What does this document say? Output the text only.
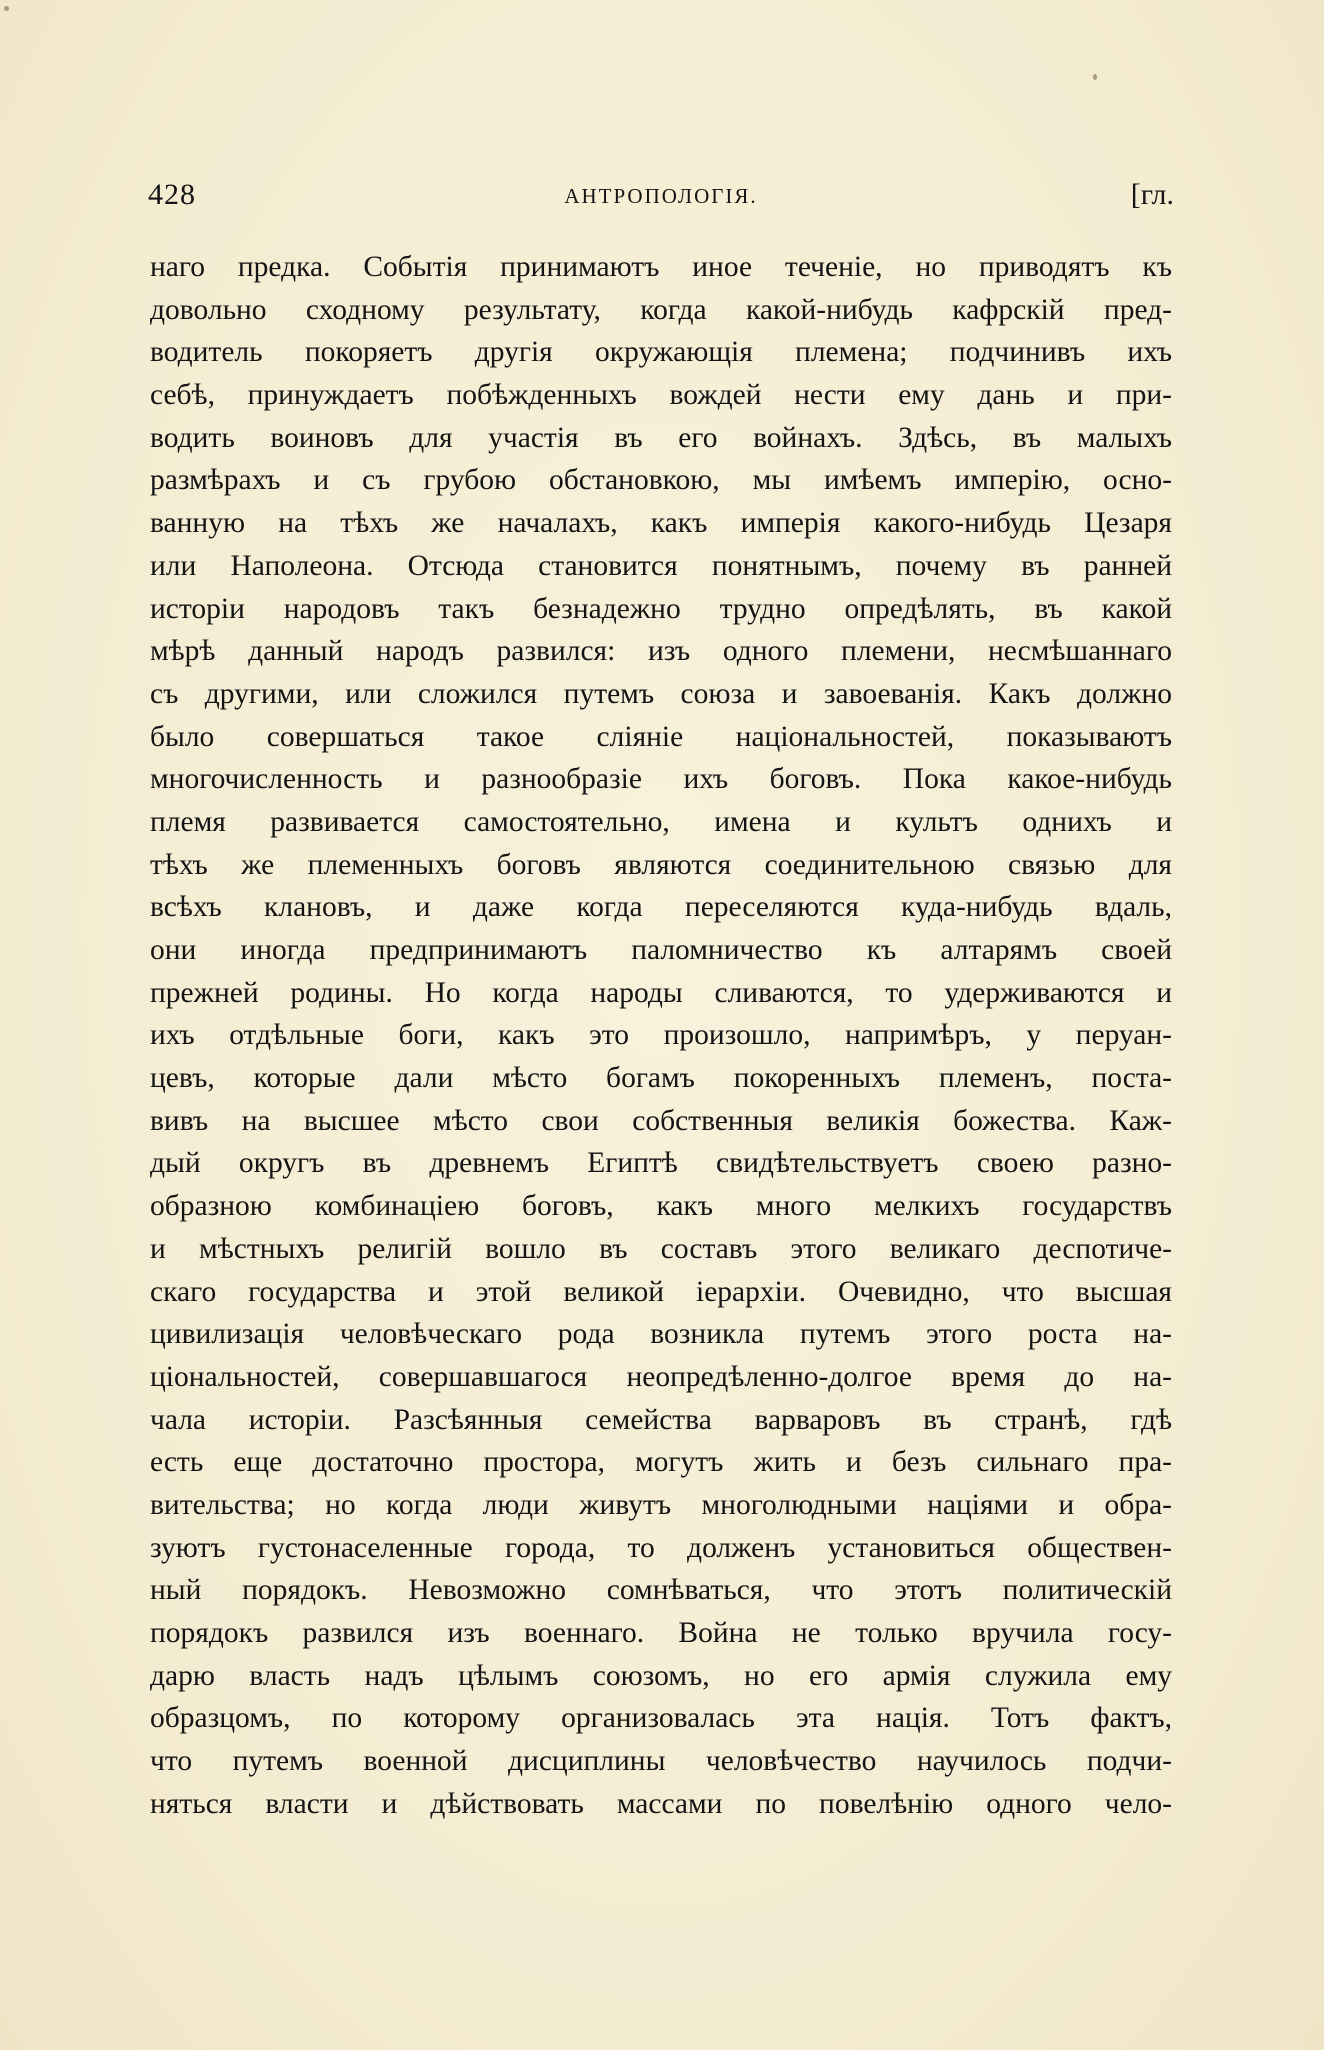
428	АНТРОПОЛОГІЯ.	[гл.
наго предка. Событія принимаютъ иное теченіе, но приводятъ къ
довольно сходному результату, когда какой-нибудь кафрскій пред-
водитель покоряетъ другія окружающія племена; подчинивъ ихъ
себѣ, принуждаетъ побѣжденныхъ вождей нести ему дань и при-
водить воиновъ для участія въ его войнахъ. Здѣсь, въ малыхъ
размѣрахъ и съ грубою обстановкою, мы имѣемъ имперію, осно-
ванную на тѣхъ же началахъ, какъ имперія какого-нибудь Цезаря
или Наполеона. Отсюда становится понятнымъ, почему въ ранней
исторіи народовъ такъ безнадежно трудно опредѣлять, въ какой
мѣрѣ данный народъ развился: изъ одного племени, несмѣшаннаго
съ другими, или сложился путемъ союза и завоеванія. Какъ должно
было совершаться такое сліяніе національностей, показываютъ
многочисленность и разнообразіе ихъ боговъ. Пока какое-нибудь
племя развивается самостоятельно, имена и культъ однихъ и
тѣхъ же племенныхъ боговъ являются соединительною связью для
всѣхъ клановъ, и даже когда переселяются куда-нибудь вдаль,
они иногда предпринимаютъ паломничество къ алтарямъ своей
прежней родины. Но когда народы сливаются, то удерживаются и
ихъ отдѣльные боги, какъ это произошло, напримѣръ, у перуан-
цевъ, которые дали мѣсто богамъ покоренныхъ племенъ, поста-
вивъ на высшее мѣсто свои собственныя великія божества. Каж-
дый округъ въ древнемъ Египтѣ свидѣтельствуетъ своею разно-
образною комбинаціею боговъ, какъ много мелкихъ государствъ
и мѣстныхъ религій вошло въ составъ этого великаго деспотиче-
скаго государства и этой великой іерархіи. Очевидно, что высшая
цивилизація человѣческаго рода возникла путемъ этого роста на-
ціональностей, совершавшагося неопредѣленно-долгое время до на-
чала исторіи. Разсѣянныя семейства варваровъ въ странѣ, гдѣ
есть еще достаточно простора, могутъ жить и безъ сильнаго пра-
вительства; но когда люди живутъ многолюдными націями и обра-
зуютъ густонаселенные города, то долженъ установиться обществен-
ный порядокъ. Невозможно сомнѣваться, что этотъ политическій
порядокъ развился изъ военнаго. Война не только вручила госу-
дарю власть надъ цѣлымъ союзомъ, но его армія служила ему
образцомъ, по которому организовалась эта нація. Тотъ фактъ,
что путемъ военной дисциплины человѣчество научилось подчи-
няться власти и дѣйствовать массами по повелѣнію одного чело-
